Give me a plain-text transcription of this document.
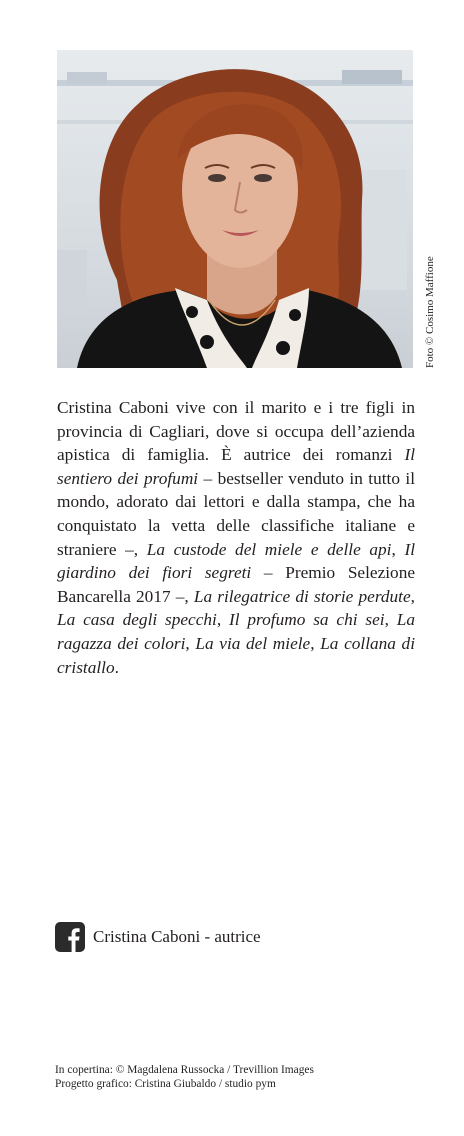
Foto © Cosimo Maffione
Cristina Caboni vive con il marito e i tre figli in provincia di Cagliari, dove si occupa dell’azienda apistica di famiglia. È autrice dei romanzi Il sentiero dei profumi – bestseller venduto in tutto il mondo, adorato dai lettori e dalla stampa, che ha conquistato la vetta delle classifiche italiane e straniere –, La custode del miele e delle api, Il giardino dei fiori segreti – Premio Selezione Bancarella 2017 –, La rilegatrice di storie perdute, La casa degli specchi, Il profumo sa chi sei, La ragazza dei colori, La via del miele, La collana di cristallo.
Cristina Caboni - autrice
In copertina: © Magdalena Russocka / Trevillion Images
Progetto grafico: Cristina Giubaldo / studio pym
